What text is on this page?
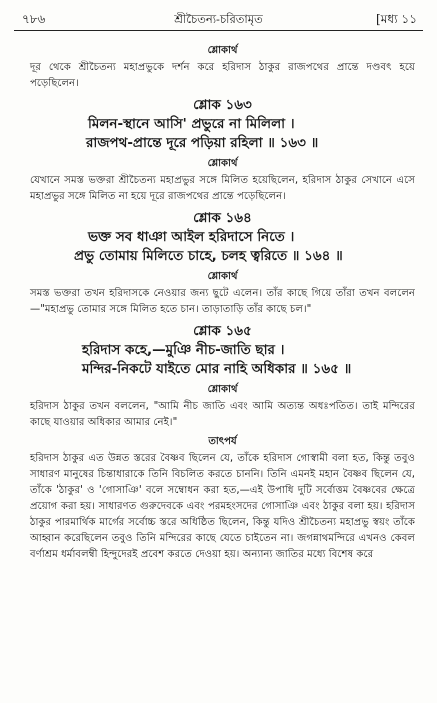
৭৮৬	শ্রীচৈতন্য-চরিতামৃত	[মধ্য ১১
শ্লোকার্থ

দূর থেকে শ্রীচৈতন্য মহাপ্রভুকে দর্শন করে হরিদাস ঠাকুর রাজপথের প্রান্তে দণ্ডবৎ হয়ে পড়েছিলেন।

শ্লোক ১৬৩
মিলন-স্থানে আসি' প্রভুরে না মিলিলা ।
রাজপথ-প্রান্তে দূরে পড়িয়া রহিলা ॥ ১৬৩ ॥
শ্লোকার্থ

যেখানে সমস্ত ভক্তরা শ্রীচৈতন্য মহাপ্রভুর সঙ্গে মিলিত হয়েছিলেন, হরিদাস ঠাকুর সেখানে এসে মহাপ্রভুর সঙ্গে মিলিত না হয়ে দূরে রাজপথের প্রান্তে পড়েছিলেন।

শ্লোক ১৬৪
ভক্ত সব ধাঞা আইল হরিদাসে নিতে ।
প্রভু তোমায় মিলিতে চাহে, চলহ ত্বরিতে ॥ ১৬৪ ॥
শ্লোকার্থ

সমস্ত ভক্তরা তখন হরিদাসকে নেওয়ার জন্য ছুটে এলেন। তাঁর কাছে গিয়ে তাঁরা তখন বললেন—"মহাপ্রভু তোমার সঙ্গে মিলিত হতে চান। তাড়াতাড়ি তাঁর কাছে চল।"

শ্লোক ১৬৫
হরিদাস কহে,—মুঞি নীচ-জাতি ছার ।
মন্দির-নিকটে যাইতে মোর নাহি অধিকার ॥ ১৬৫ ॥
শ্লোকার্থ

হরিদাস ঠাকুর তখন বললেন, "আমি নীচ জাতি এবং আমি অত্যন্ত অধঃপতিত। তাই মন্দিরের কাছে যাওয়ার অধিকার আমার নেই।"

তাৎপর্য

হরিদাস ঠাকুর এত উন্নত স্তরের বৈষ্ণব ছিলেন যে, তাঁকে হরিদাস গোস্বামী বলা হত, কিন্তু তবুও সাধারণ মানুষের চিন্তাধারাকে তিনি বিচলিত করতে চাননি। তিনি এমনই মহান বৈষ্ণব ছিলেন যে, তাঁকে 'ঠাকুর' ও 'গোসাঞি' বলে সম্বোধন করা হত,—এই উপাধি দুটি সর্বোত্তম বৈষ্ণবের ক্ষেত্রে প্রয়োগ করা হয়। সাধারণত গুরুদেবকে এবং পরমহংসদের গোসাঞি এবং ঠাকুর বলা হয়। হরিদাস ঠাকুর পারমার্থিক মার্গের সর্বোচ্চ স্তরে অধিষ্ঠিত ছিলেন, কিন্তু যদিও শ্রীচৈতন্য মহাপ্রভু স্বয়ং তাঁকে আহ্বান করেছিলেন তবুও তিনি মন্দিরের কাছে যেতে চাইতেন না। জগন্নাথমন্দিরে এখনও কেবল বর্ণাশ্রম ধর্মাবলম্বী হিন্দুদেরই প্রবেশ করতে দেওয়া হয়। অন্যান্য জাতির মধ্যে বিশেষ করে
